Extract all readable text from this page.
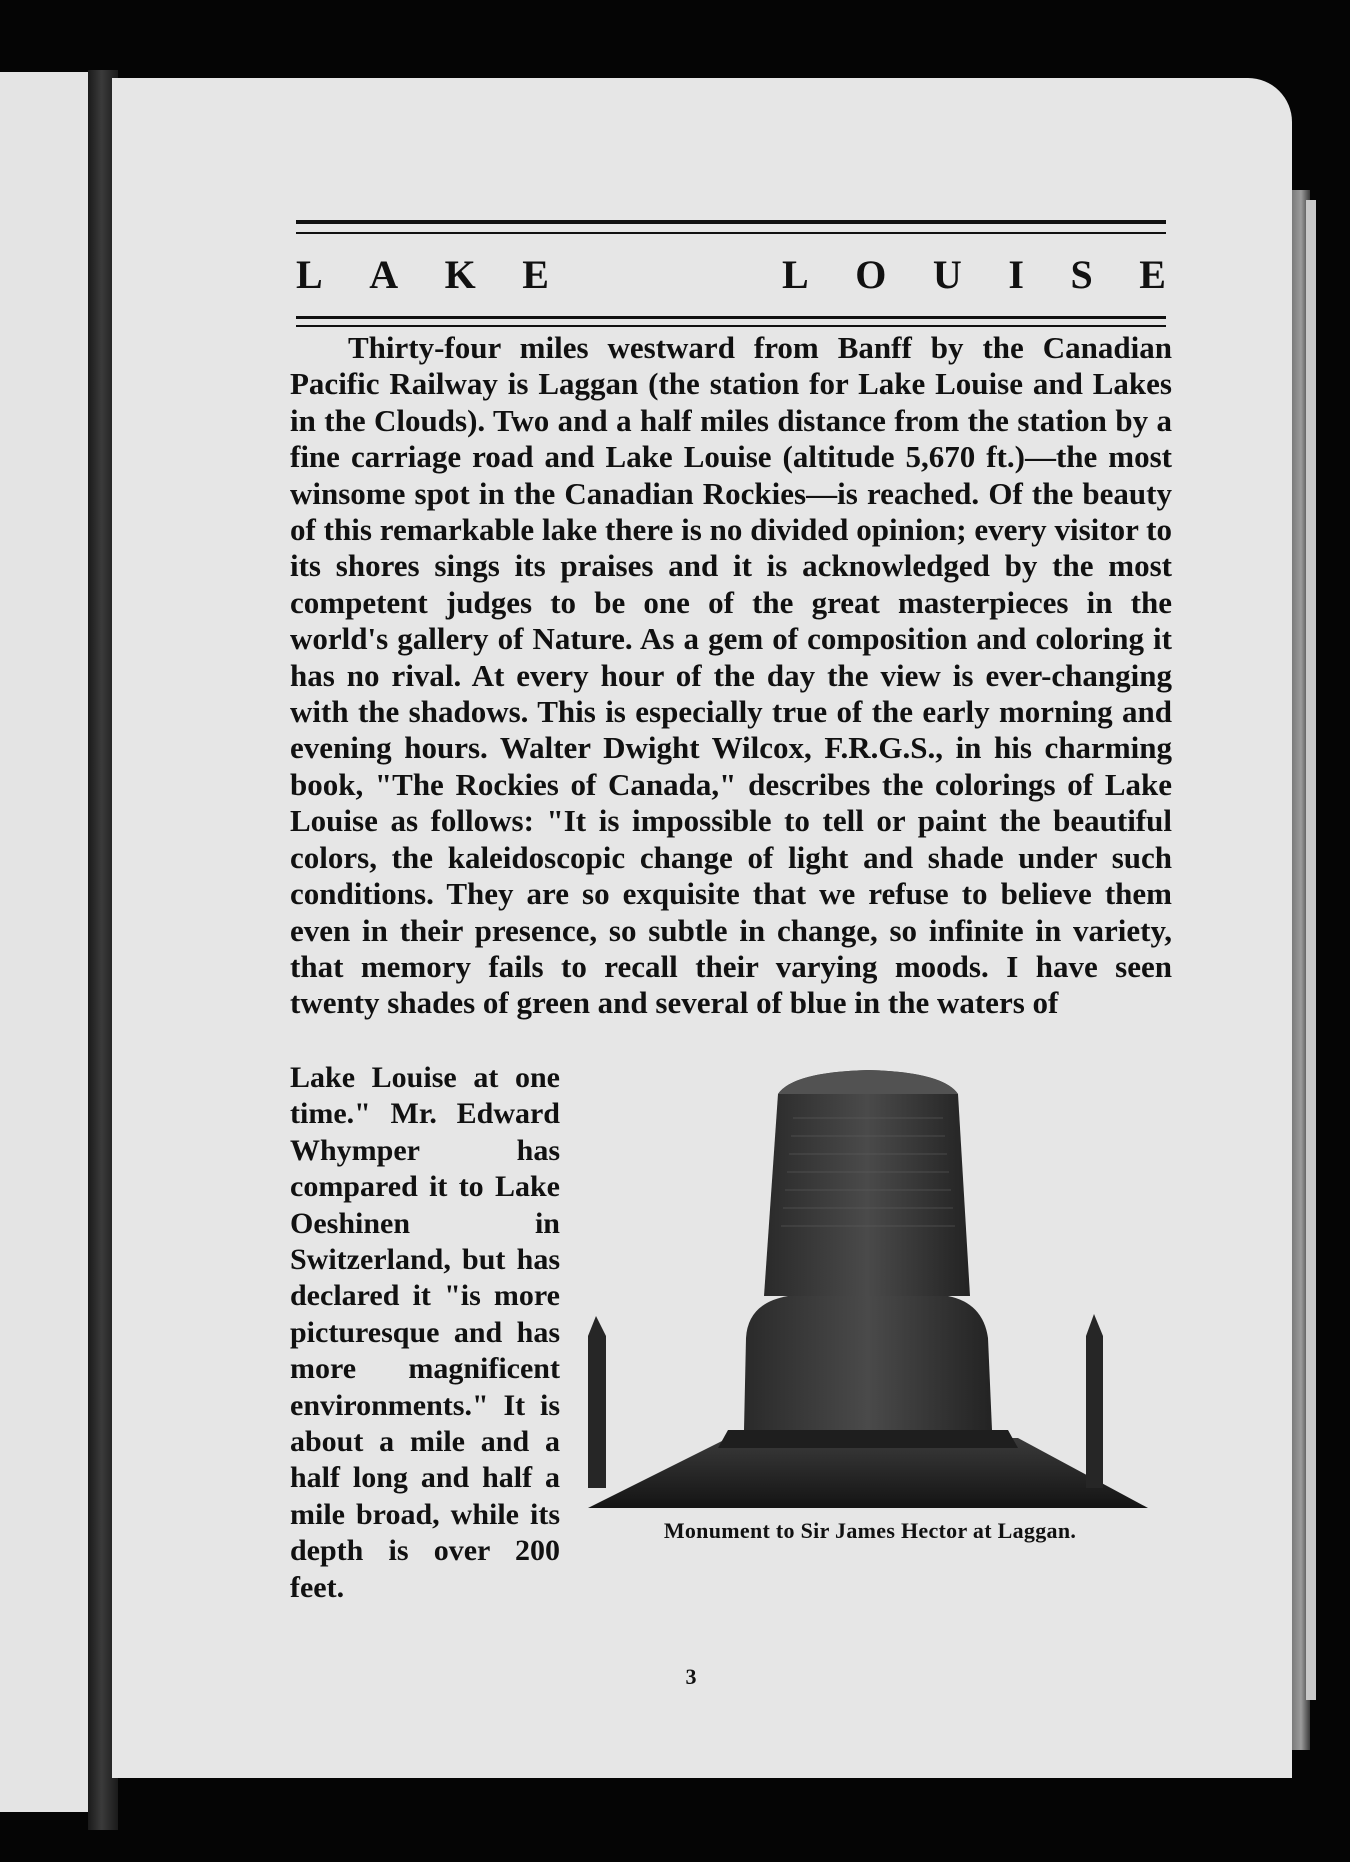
L A K E	L O U I S E

Thirty-four miles westward from Banff by the Canadian Pacific Railway is Laggan (the station for Lake Louise and Lakes in the Clouds). Two and a half miles distance from the station by a fine carriage road and Lake Louise (altitude 5,670 ft.)—the most winsome spot in the Canadian Rockies—is reached. Of the beauty of this remarkable lake there is no divided opinion; every visitor to its shores sings its praises and it is acknowledged by the most competent judges to be one of the great masterpieces in the world's gallery of Nature. As a gem of composition and coloring it has no rival. At every hour of the day the view is ever-changing with the shadows. This is especially true of the early morning and evening hours. Walter Dwight Wilcox, F.R.G.S., in his charming book, "The Rockies of Canada," describes the colorings of Lake Louise as follows: "It is impossible to tell or paint the beautiful colors, the kaleidoscopic change of light and shade under such conditions. They are so exquisite that we refuse to believe them even in their presence, so subtle in change, so infinite in variety, that memory fails to recall their varying moods. I have seen twenty shades of green and several of blue in the waters of

Lake Louise at one time." Mr. Edward Whymper has compared it to Lake Oeshinen in Switzerland, but has declared it "is more picturesque and has more magnificent environments." It is about a mile and a half long and half a mile broad, while its depth is over 200 feet.

Monument to Sir James Hector at Laggan.

3
